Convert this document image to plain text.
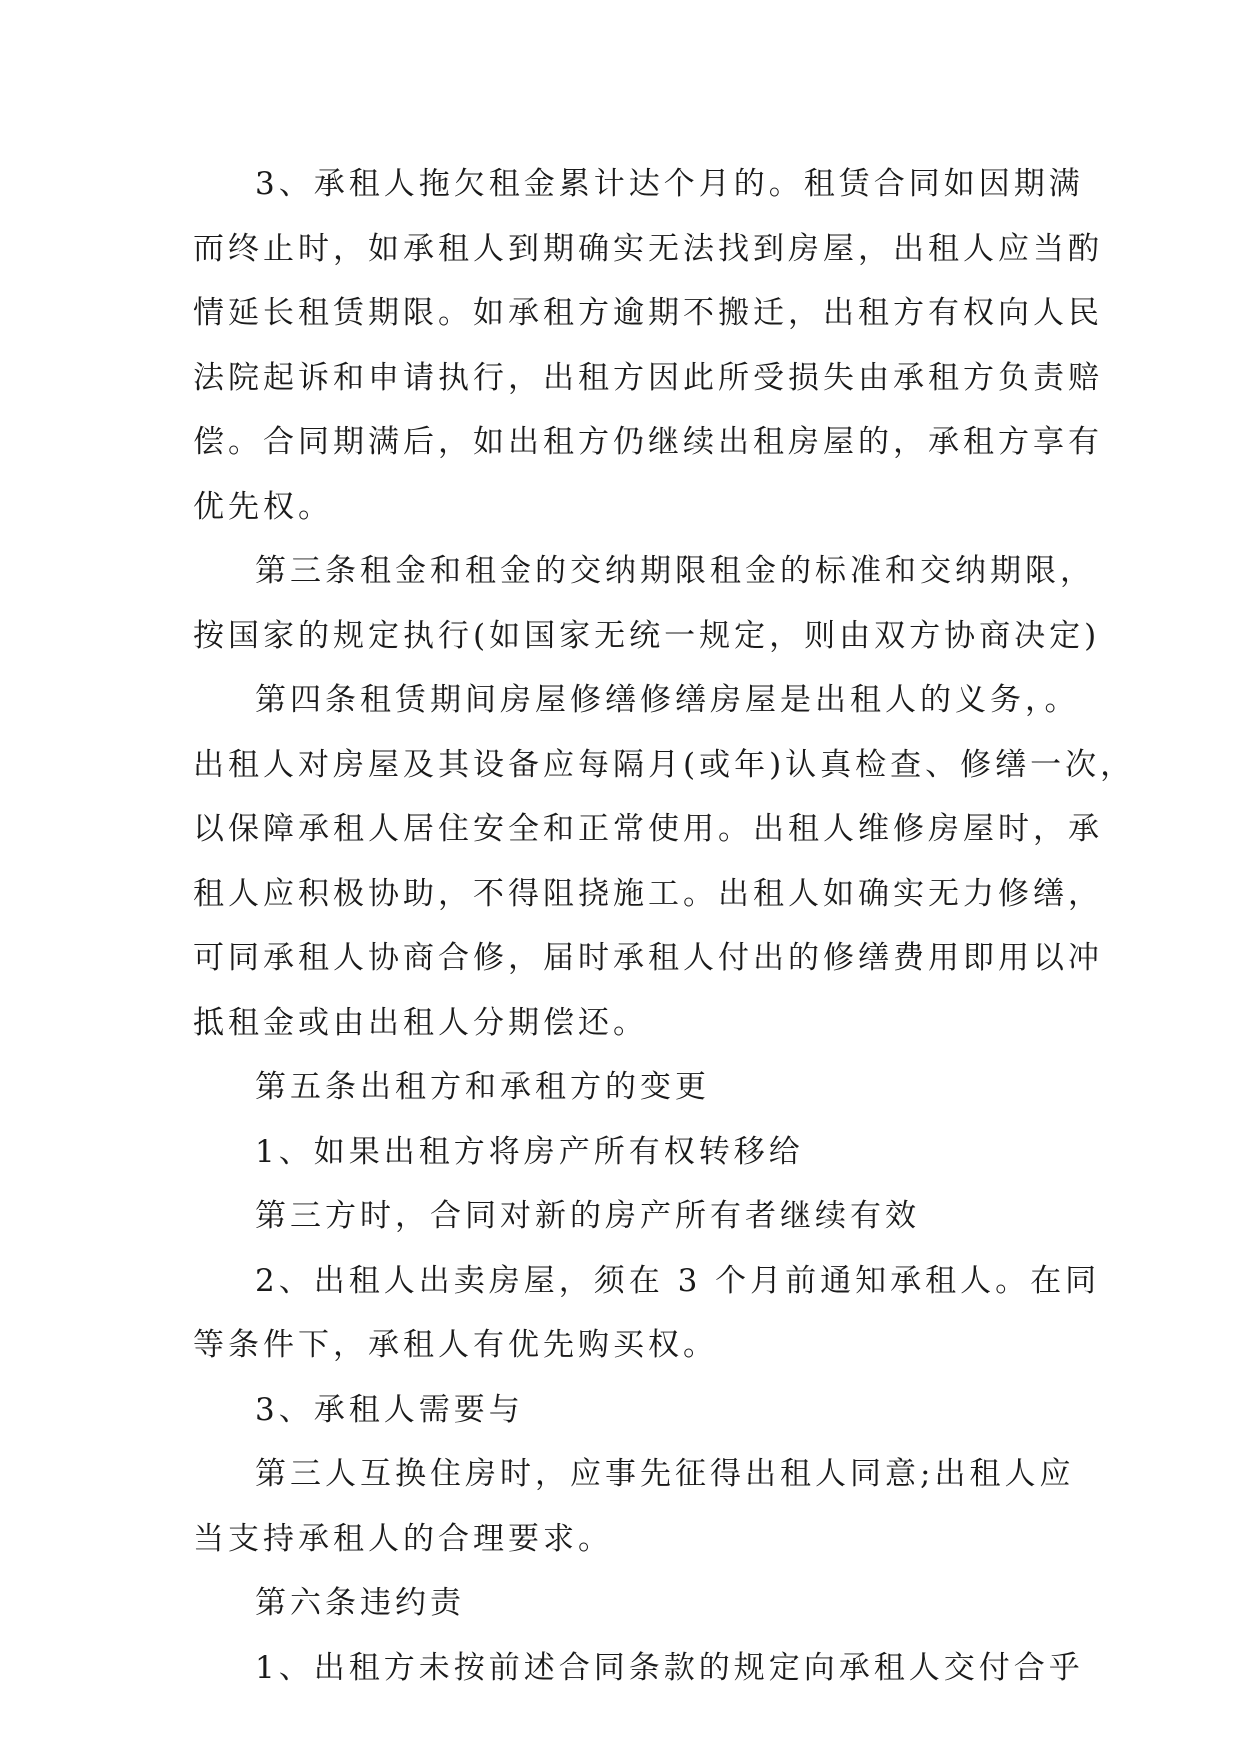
3、承租人拖欠租金累计达个月的。租赁合同如因期满
而终止时，如承租人到期确实无法找到房屋，出租人应当酌
情延长租赁期限。如承租方逾期不搬迁，出租方有权向人民
法院起诉和申请执行，出租方因此所受损失由承租方负责赔
偿。合同期满后，如出租方仍继续出租房屋的，承租方享有
优先权。
第三条租金和租金的交纳期限租金的标准和交纳期限，
按国家的规定执行(如国家无统一规定，则由双方协商决定)
第四条租赁期间房屋修缮修缮房屋是出租人的义务，。
出租人对房屋及其设备应每隔月(或年)认真检查、修缮一次，
以保障承租人居住安全和正常使用。出租人维修房屋时，承
租人应积极协助，不得阻挠施工。出租人如确实无力修缮，
可同承租人协商合修，届时承租人付出的修缮费用即用以冲
抵租金或由出租人分期偿还。
第五条出租方和承租方的变更
1、如果出租方将房产所有权转移给
第三方时，合同对新的房产所有者继续有效
2、出租人出卖房屋，须在 3 个月前通知承租人。在同
等条件下，承租人有优先购买权。
3、承租人需要与
第三人互换住房时，应事先征得出租人同意;出租人应
当支持承租人的合理要求。
第六条违约责
1、出租方未按前述合同条款的规定向承租人交付合乎
